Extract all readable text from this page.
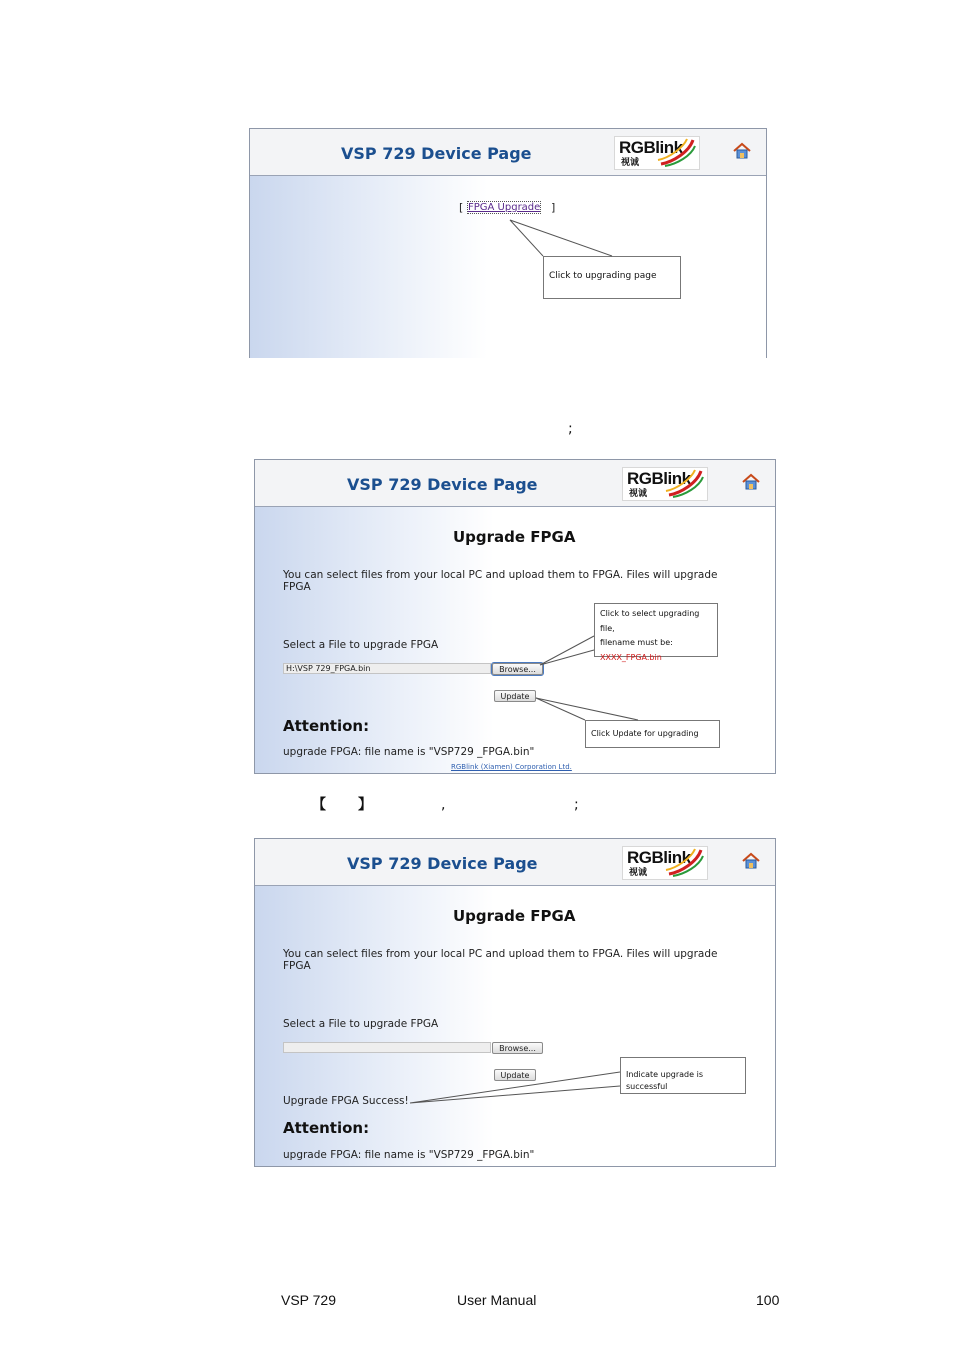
VSP 729 Device Page	RGBlink
视诚
[ FPGA Upgrade ]
Click to upgrading page
;
VSP 729 Device Page	RGBlink
视诚
Upgrade FPGA
You can select files from your local PC and upload them to FPGA. Files will upgrade
FPGA
Select a File to upgrade FPGA
H:\VSP 729_FPGA.bin	Browse...
Update
Attention:
upgrade FPGA: file name is "VSP729 _FPGA.bin"
RGBlink (Xiamen) Corporation Ltd.
Click to select upgrading file,
filename must be:
XXXX_FPGA.bin
Click Update for upgrading
【 】	,	;
VSP 729 Device Page	RGBlink
视诚
Upgrade FPGA
You can select files from your local PC and upload them to FPGA. Files will upgrade
FPGA
Select a File to upgrade FPGA
Browse...
Update
Upgrade FPGA Success!
Attention:
upgrade FPGA: file name is "VSP729 _FPGA.bin"
Indicate upgrade is successful
VSP 729	User Manual	100
